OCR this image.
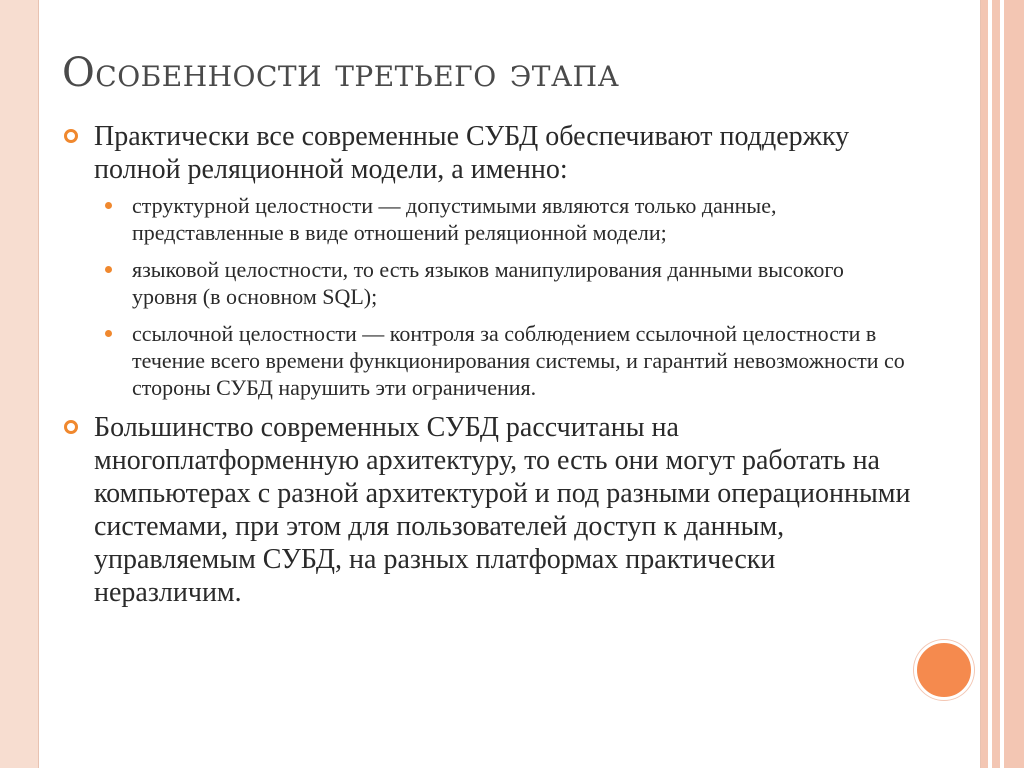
Особенности третьего этапа
Практически все современные СУБД обеспечивают поддержку полной реляционной модели, а именно:
структурной целостности — допустимыми являются только данные, представленные в виде отношений реляционной модели;
языковой целостности, то есть языков манипулирования данными высокого уровня (в основном SQL);
ссылочной целостности — контроля за соблюдением ссылочной целостности в течение всего времени функционирования системы, и гарантий невозможности со стороны СУБД нарушить эти ограничения.
Большинство современных СУБД рассчитаны на многоплатформенную архитектуру, то есть они могут работать на компьютерах с разной архитектурой и под разными операционными системами, при этом для пользователей доступ к данным, управляемым СУБД, на разных платформах практически неразличим.
